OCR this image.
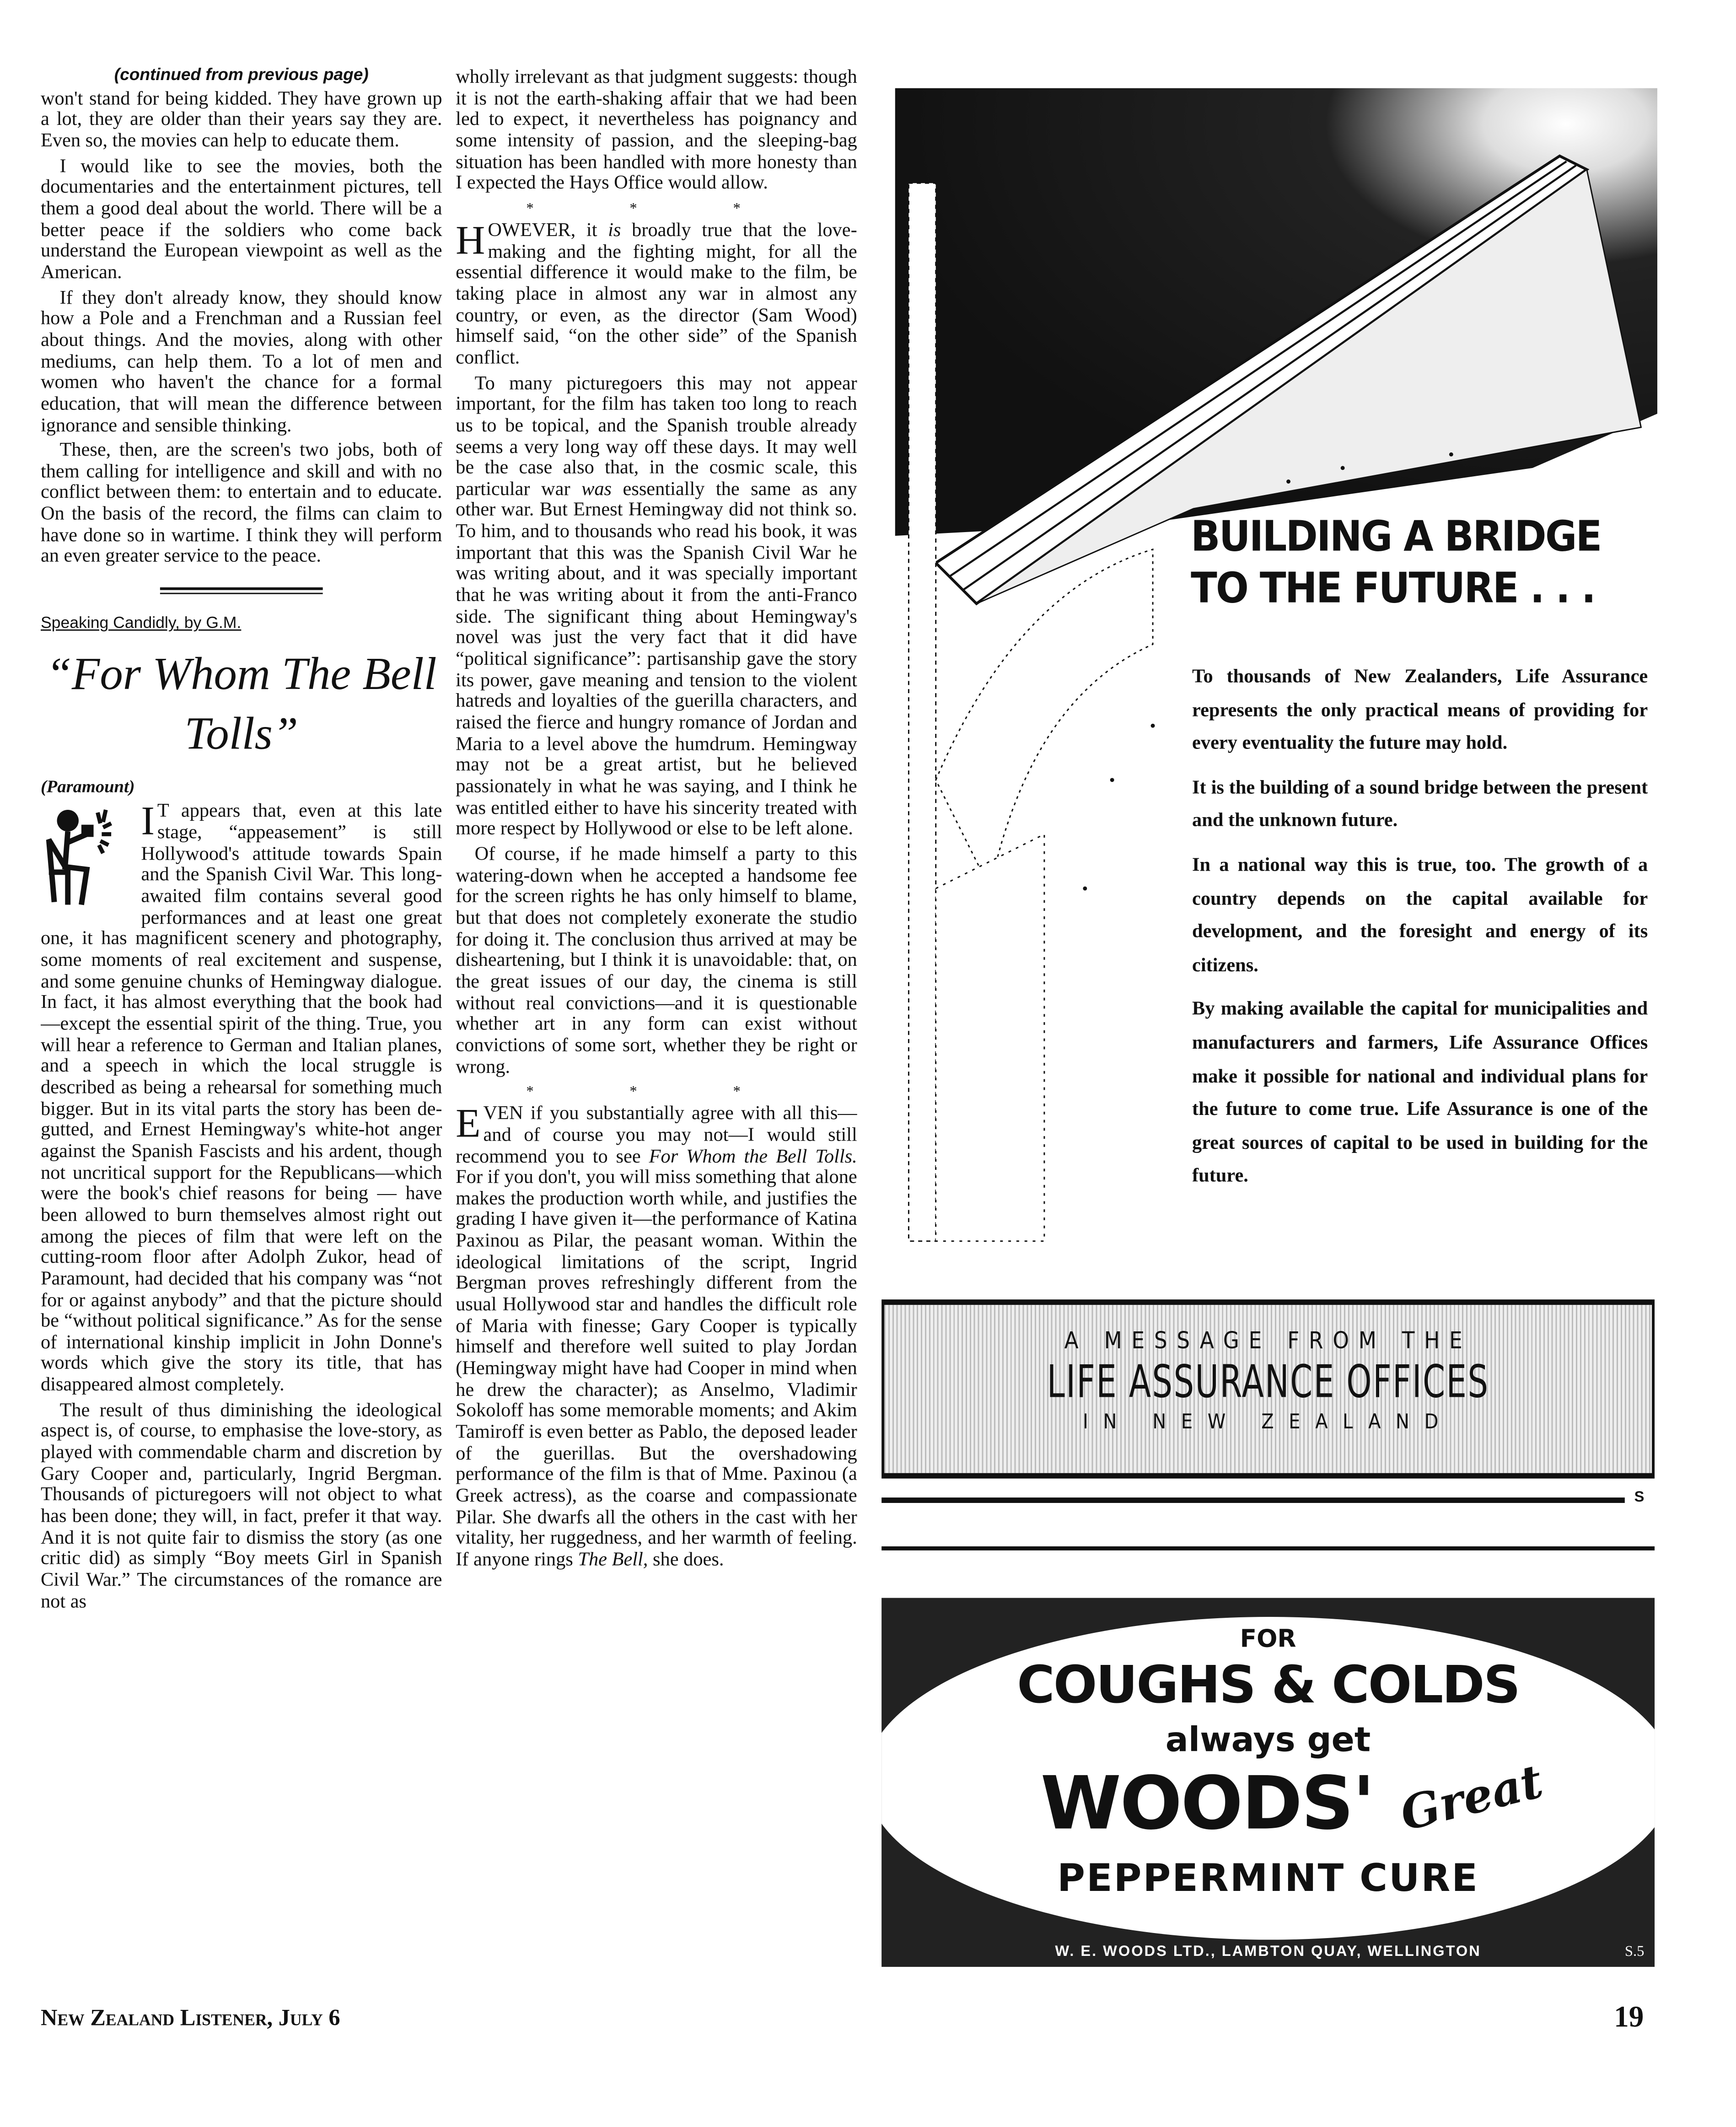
(continued from previous page)

won't stand for being kidded. They have grown up a lot, they are older than their years say they are. Even so, the movies can help to educate them.

I would like to see the movies, both the documentaries and the entertainment pictures, tell them a good deal about the world. There will be a better peace if the soldiers who come back understand the European viewpoint as well as the American.

If they don't already know, they should know how a Pole and a Frenchman and a Russian feel about things. And the movies, along with other mediums, can help them. To a lot of men and women who haven't the chance for a formal education, that will mean the difference between ignorance and sensible thinking.

These, then, are the screen's two jobs, both of them calling for intelligence and skill and with no conflict between them: to entertain and to educate. On the basis of the record, the films can claim to have done so in wartime. I think they will perform an even greater service to the peace.

Speaking Candidly, by G.M.
“For Whom The Bell Tolls”
(Paramount)
I T appears that, even at this late stage, “appeasement” is still Hollywood's attitude towards Spain and the Spanish Civil War. This long-awaited film contains several good performances and at least one great one, it has magnificent scenery and photography, some moments of real excitement and suspense, and some genuine chunks of Hemingway dialogue. In fact, it has almost everything that the book had—except the essential spirit of the thing. True, you will hear a reference to German and Italian planes, and a speech in which the local struggle is described as being a rehearsal for something much bigger. But in its vital parts the story has been de-gutted, and Ernest Hemingway's white-hot anger against the Spanish Fascists and his ardent, though not uncritical support for the Republicans—which were the book's chief reasons for being — have been allowed to burn themselves almost right out among the pieces of film that were left on the cutting-room floor after Adolph Zukor, head of Paramount, had decided that his company was “not for or against anybody” and that the picture should be “without political significance.” As for the sense of international kinship implicit in John Donne's words which give the story its title, that has disappeared almost completely.

The result of thus diminishing the ideological aspect is, of course, to emphasise the love-story, as played with commendable charm and discretion by Gary Cooper and, particularly, Ingrid Bergman. Thousands of picturegoers will not object to what has been done; they will, in fact, prefer it that way. And it is not quite fair to dismiss the story (as one critic did) as simply “Boy meets Girl in Spanish Civil War.” The circumstances of the romance are not as

wholly irrelevant as that judgment suggests: though it is not the earth-shaking affair that we had been led to expect, it nevertheless has poignancy and some intensity of passion, and the sleeping-bag situation has been handled with more honesty than I expected the Hays Office would allow.

* * *

HOWEVER, it is broadly true that the love-making and the fighting might, for all the essential difference it would make to the film, be taking place in almost any war in almost any country, or even, as the director (Sam Wood) himself said, “on the other side” of the Spanish conflict.

To many picturegoers this may not appear important, for the film has taken too long to reach us to be topical, and the Spanish trouble already seems a very long way off these days. It may well be the case also that, in the cosmic scale, this particular war was essentially the same as any other war. But Ernest Hemingway did not think so. To him, and to thousands who read his book, it was important that this was the Spanish Civil War he was writing about, and it was specially important that he was writing about it from the anti-Franco side. The significant thing about Hemingway's novel was just the very fact that it did have “political significance”: partisanship gave the story its power, gave meaning and tension to the violent hatreds and loyalties of the guerilla characters, and raised the fierce and hungry romance of Jordan and Maria to a level above the humdrum. Hemingway may not be a great artist, but he believed passionately in what he was saying, and I think he was entitled either to have his sincerity treated with more respect by Hollywood or else to be left alone.

Of course, if he made himself a party to this watering-down when he accepted a handsome fee for the screen rights he has only himself to blame, but that does not completely exonerate the studio for doing it. The conclusion thus arrived at may be disheartening, but I think it is unavoidable: that, on the great issues of our day, the cinema is still without real convictions—and it is questionable whether art in any form can exist without convictions of some sort, whether they be right or wrong.

* * *

EVEN if you substantially agree with all this—and of course you may not—I would still recommend you to see For Whom the Bell Tolls. For if you don't, you will miss something that alone makes the production worth while, and justifies the grading I have given it—the performance of Katina Paxinou as Pilar, the peasant woman. Within the ideological limitations of the script, Ingrid Bergman proves refreshingly different from the usual Hollywood star and handles the difficult role of Maria with finesse; Gary Cooper is typically himself and therefore well suited to play Jordan (Hemingway might have had Cooper in mind when he drew the character); as Anselmo, Vladimir Sokoloff has some memorable moments; and Akim Tamiroff is even better as Pablo, the deposed leader of the guerillas. But the overshadowing performance of the film is that of Mme. Paxinou (a Greek actress), as the coarse and compassionate Pilar. She dwarfs all the others in the cast with her vitality, her ruggedness, and her warmth of feeling. If anyone rings The Bell, she does.

BUILDING A BRIDGE
TO THE FUTURE . . .

To thousands of New Zealanders, Life Assurance represents the only practical means of providing for every eventuality the future may hold.

It is the building of a sound bridge between the present and the unknown future.

In a national way this is true, too. The growth of a country depends on the capital available for development, and the foresight and energy of its citizens.

By making available the capital for municipalities and manufacturers and farmers, Life Assurance Offices make it possible for national and individual plans for the future to come true. Life Assurance is one of the great sources of capital to be used in building for the future.

A MESSAGE FROM THE
LIFE ASSURANCE OFFICES
IN NEW ZEALAND
S
FOR
COUGHS & COLDS
always get
WOODS'	Great
PEPPERMINT CURE
W. E. WOODS LTD., LAMBTON QUAY, WELLINGTON	S.5
New Zealand Listener, July 6	19
